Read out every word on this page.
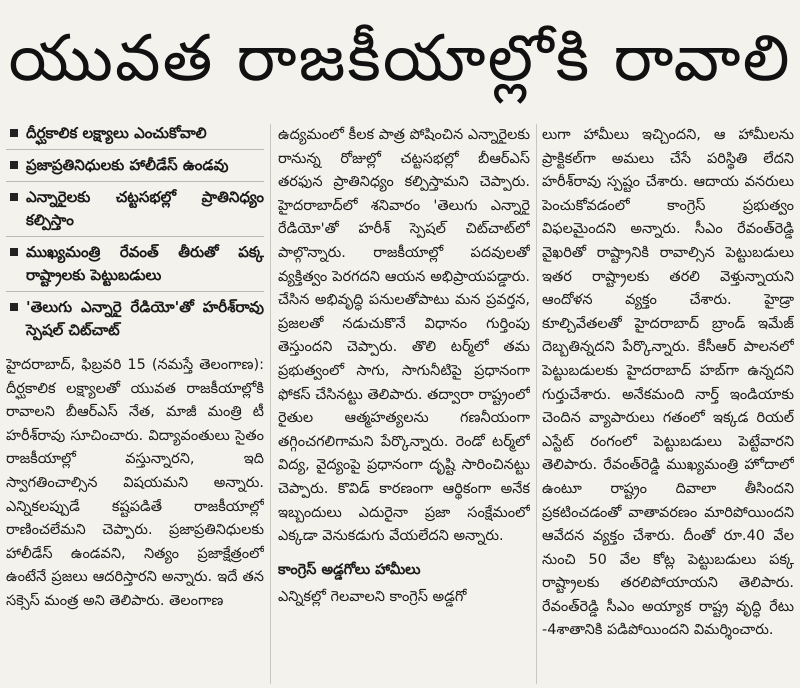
యువత రాజకీయాల్లోకి రావాలి
దీర్ఘకాలిక లక్ష్యాలు ఎంచుకోవాలి
ప్రజాప్రతినిధులకు హాలీడేస్ ఉండవు
ఎన్నారైలకు చట్టసభల్లో ప్రాతినిధ్యం కల్పిస్తాం
ముఖ్యమంత్రి రేవంత్ తీరుతో పక్క రాష్ట్రాలకు పెట్టుబడులు
'తెలుగు ఎన్నారై రేడియో'తో హరీశ్‌రావు స్పెషల్ చిట్‌చాట్

హైదరాబాద్, ఫిబ్రవరి 15 (నమస్తే తెలంగాణ): దీర్ఘకాలిక లక్ష్యాలతో యువత రాజకీయాల్లోకి రావాలని బీఆర్‌ఎస్ నేత, మాజీ మంత్రి టీ హరీశ్‌రావు సూచించారు. విద్యావంతులు సైతం రాజకీయాల్లో వస్తున్నారని, ఇది స్వాగతించాల్సిన విషయమని అన్నారు. ఎన్నికలప్పుడే కష్టపడితే రాజకీయాల్లో రాణించలేమని చెప్పారు. ప్రజాప్రతినిధులకు హాలీడేస్ ఉండవని, నిత్యం ప్రజాక్షేత్రంలో ఉంటేనే ప్రజలు ఆదరిస్తారని అన్నారు. ఇదే తన సక్సెస్ మంత్ర అని తెలిపారు. తెలంగాణ

ఉద్యమంలో కీలక పాత్ర పోషించిన ఎన్నారైలకు రానున్న రోజుల్లో చట్టసభల్లో బీఆర్‌ఎస్ తరఫున ప్రాతినిధ్యం కల్పిస్తామని చెప్పారు. హైదరాబాద్‌లో శనివారం 'తెలుగు ఎన్నారై రేడియో'తో హరీశ్ స్పెషల్ చిట్‌చాట్‌లో పాల్గొన్నారు. రాజకీయాల్లో పదవులతో వ్యక్తిత్వం పెరగదని ఆయన అభిప్రాయపడ్డారు. చేసిన అభివృద్ధి పనులతోపాటు మన ప్రవర్తన, ప్రజలతో నడుచుకొనే విధానం గుర్తింపు తెస్తుందని చెప్పారు. తొలి టర్మ్‌లో తమ ప్రభుత్వంలో సాగు, సాగునీటిపై ప్రధానంగా ఫోకస్ చేసినట్టు తెలిపారు. తద్వారా రాష్ట్రంలో రైతుల ఆత్మహత్యలను గణనీయంగా తగ్గించగలిగామని పేర్కొన్నారు. రెండో టర్మ్‌లో విద్య, వైద్యంపై ప్రధానంగా దృష్టి సారించినట్టు చెప్పారు. కొవిడ్ కారణంగా ఆర్థికంగా అనేక ఇబ్బందులు ఎదురైనా ప్రజా సంక్షేమంలో ఎక్కడా వెనుకడుగు వేయలేదని అన్నారు.

కాంగ్రెస్ అడ్డగోలు హామీలు

ఎన్నికల్లో గెలవాలని కాంగ్రెస్ అడ్డగో

లుగా హామీలు ఇచ్చిందని, ఆ హామీలను ప్రాక్టికల్‌గా అమలు చేసే పరిస్థితి లేదని హరీశ్‌రావు స్పష్టం చేశారు. ఆదాయ వనరులు పెంచుకోవడంలో కాంగ్రెస్ ప్రభుత్వం విఫలమైందని అన్నారు. సీఎం రేవంత్‌రెడ్డి వైఖరితో రాష్ట్రానికి రావాల్సిన పెట్టుబడులు ఇతర రాష్ట్రాలకు తరలి వెళ్తున్నాయని ఆందోళన వ్యక్తం చేశారు. హైడ్రా కూల్చివేతలతో హైదరాబాద్ బ్రాండ్ ఇమేజ్ దెబ్బతిన్నదని పేర్కొన్నారు. కేసీఆర్ పాలనలో పెట్టుబడులకు హైదరాబాద్ హబ్‌గా ఉన్నదని గుర్తుచేశారు. అనేకమంది నార్త్ ఇండియాకు చెందిన వ్యాపారులు గతంలో ఇక్కడ రియల్ ఎస్టేట్ రంగంలో పెట్టుబడులు పెట్టేవారని తెలిపారు. రేవంత్‌రెడ్డి ముఖ్యమంత్రి హోదాలో ఉంటూ రాష్ట్రం దివాలా తీసిందని ప్రకటించడంతో వాతావరణం మారిపోయిందని ఆవేదన వ్యక్తం చేశారు. దీంతో రూ.40 వేల నుంచి 50 వేల కోట్ల పెట్టుబడులు పక్క రాష్ట్రాలకు తరలిపోయాయని తెలిపారు. రేవంత్‌రెడ్డి సీఎం అయ్యాక రాష్ట్ర వృద్ధి రేటు -4శాతానికి పడిపోయిందని విమర్శించారు.
